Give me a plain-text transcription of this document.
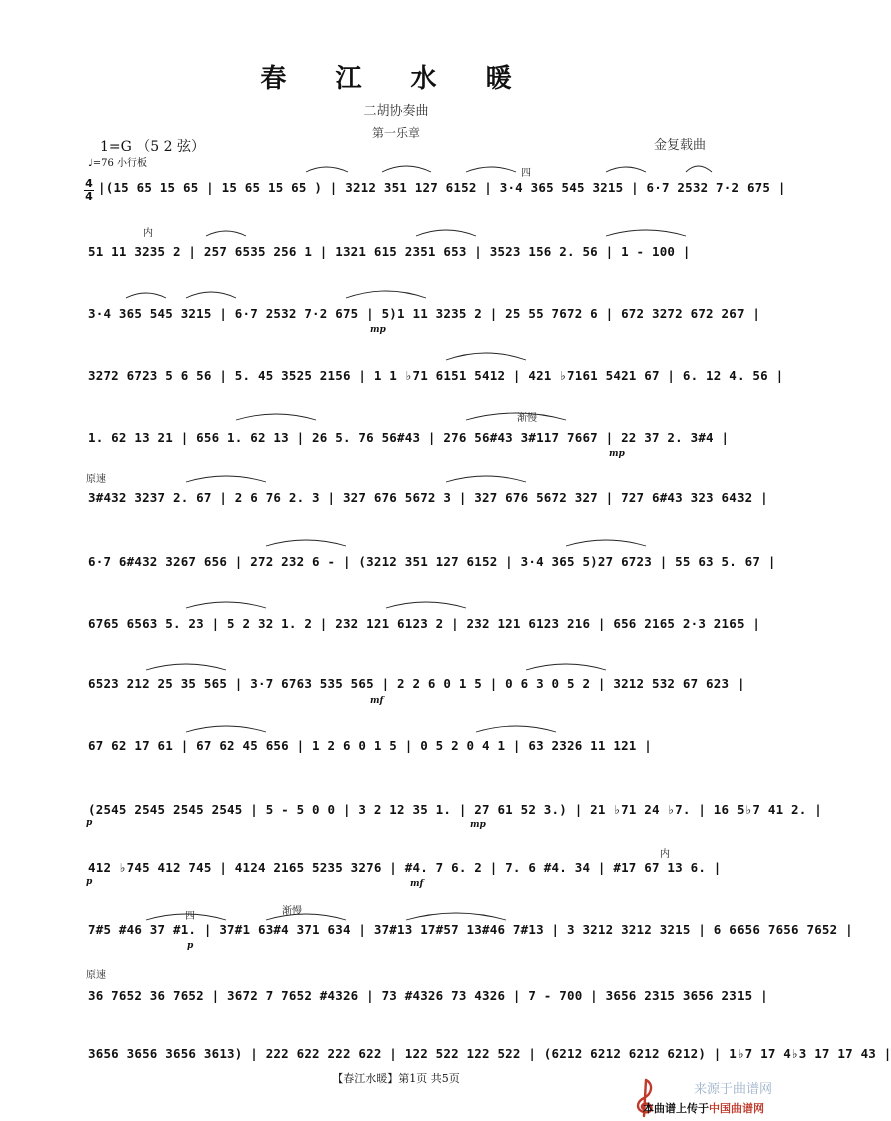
春 江 水 暖
二胡协奏曲
第一乐章
金复载曲
1=G （5 2 弦）
♩=76 小行板
4
4
|(15 65 15 65 | 15 65 15 65 ) | 3212 351 127 6152 | 3·4 365 545 3215 | 6·7 2532 7·2 675 |
51 11 3235 2 | 257 6535 256 1 | 1321 615 2351 653 | 3523 156 2. 56 | 1 - 100 |
3·4 365 545 3215 | 6·7 2532 7·2 675 | 5)1 11 3235 2 | 25 55 7672 6 | 672 3272 672 267 |
3272 6723 5 6 56 | 5. 45 3525 2156 | 1 1 ♭71 6151 5412 | 421 ♭7161 5421 67 | 6. 12 4. 56 |
1. 62 13 21 | 656 1. 62 13 | 26 5. 76 56#43 | 276 56#43 3#117 7667 | 22 37 2. 3#4 |
3#432 3237 2. 67 | 2 6 76 2. 3 | 327 676 5672 3 | 327 676 5672 327 | 727 6#43 323 6432 |
6·7 6#432 3267 656 | 272 232 6 - | (3212 351 127 6152 | 3·4 365 5)27 6723 | 55 63 5. 67 |
6765 6563 5. 23 | 5 2 32 1. 2 | 232 121 6123 2 | 232 121 6123 216 | 656 2165 2·3 2165 |
6523 212 25 35 565 | 3·7 6763 535 565 | 2 2 6 0 1 5 | 0 6 3 0 5 2 | 3212 532 67 623 |
67 62 17 61 | 67 62 45 656 | 1 2 6 0 1 5 | 0 5 2 0 4 1 | 63 2326 11 121 |
(2545 2545 2545 2545 | 5 - 5 0 0 | 3 2 12 35 1. | 27 61 52 3.) | 21 ♭71 24 ♭7. | 16 5♭7 41 2. |
412 ♭745 412 745 | 4124 2165 5235 3276 | #4. 7 6. 2 | 7. 6 #4. 34 | #17 67 13 6. |
7#5 #46 37 #1. | 37#1 63#4 371 634 | 37#13 17#57 13#46 7#13 | 3 3212 3212 3215 | 6 6656 7656 7652 |
36 7652 36 7652 | 3672 7 7652 #4326 | 73 #4326 73 4326 | 7 - 700 | 3656 2315 3656 2315 |
3656 3656 3656 3613) | 222 622 222 622 | 122 522 122 522 | (6212 6212 6212 6212) | 1♭7 17 4♭3 17 17 43 |
渐慢
原速
渐慢
原速
内
内
四
四
mp
mp
mf
p	mp
p	mf
p
【春江水暖】第1页 共5页
来源于曲谱网
本曲谱上传于中国曲谱网
